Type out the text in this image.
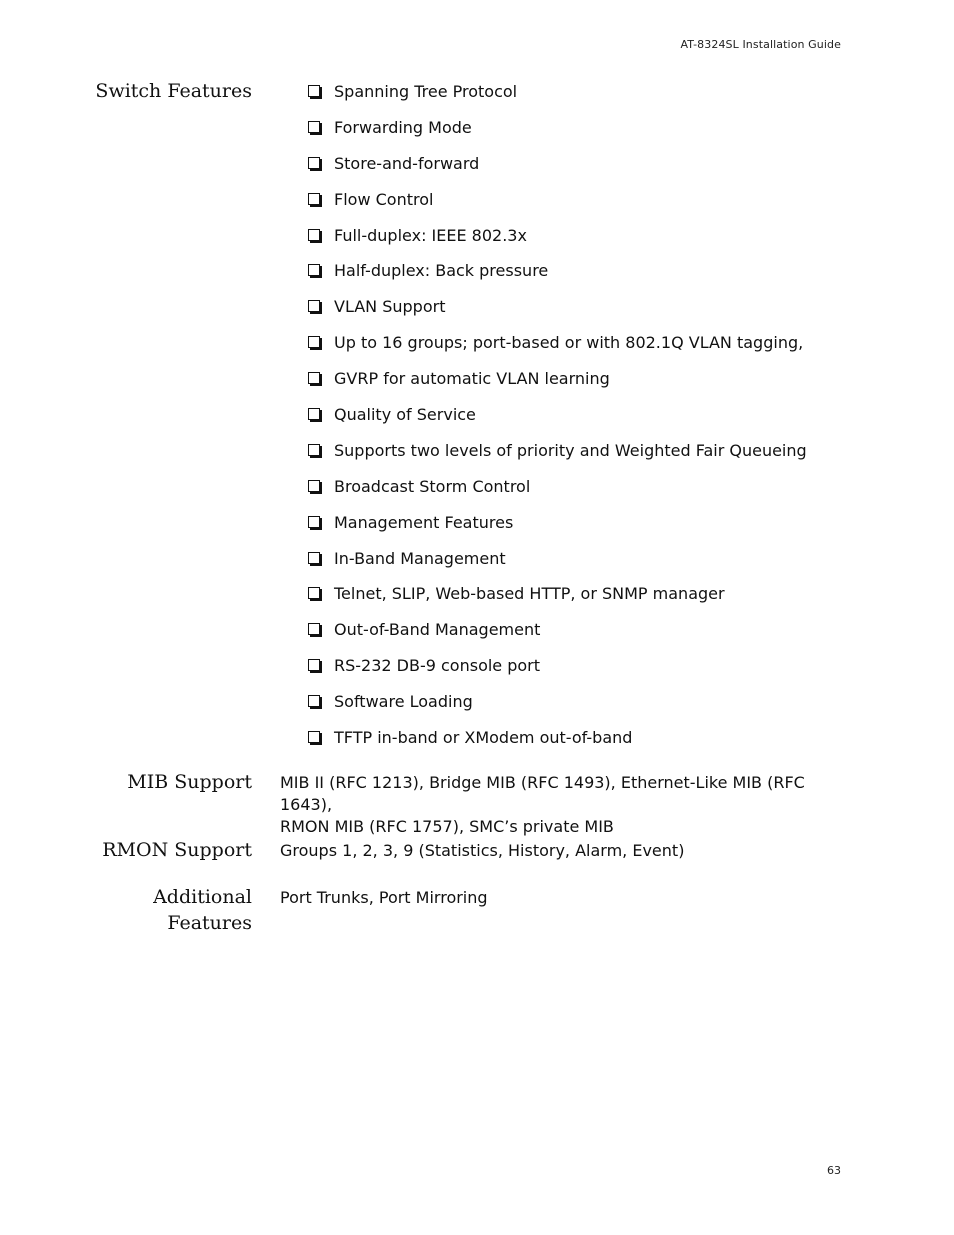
AT-8324SL Installation Guide
Switch Features	Spanning Tree Protocol
Forwarding Mode
Store-and-forward
Flow Control
Full-duplex: IEEE 802.3x
Half-duplex: Back pressure
VLAN Support
Up to 16 groups; port-based or with 802.1Q VLAN tagging,
GVRP for automatic VLAN learning
Quality of Service
Supports two levels of priority and Weighted Fair Queueing
Broadcast Storm Control
Management Features
In-Band Management
Telnet, SLIP, Web-based HTTP, or SNMP manager
Out-of-Band Management
RS-232 DB-9 console port
Software Loading
TFTP in-band or XModem out-of-band
MIB Support MIB II (RFC 1213), Bridge MIB (RFC 1493), Ethernet-Like MIB (RFC 1643),
RMON MIB (RFC 1757), SMC’s private MIB
RMON Support Groups 1, 2, 3, 9 (Statistics, History, Alarm, Event)
Additional
Features
Port Trunks, Port Mirroring
63
